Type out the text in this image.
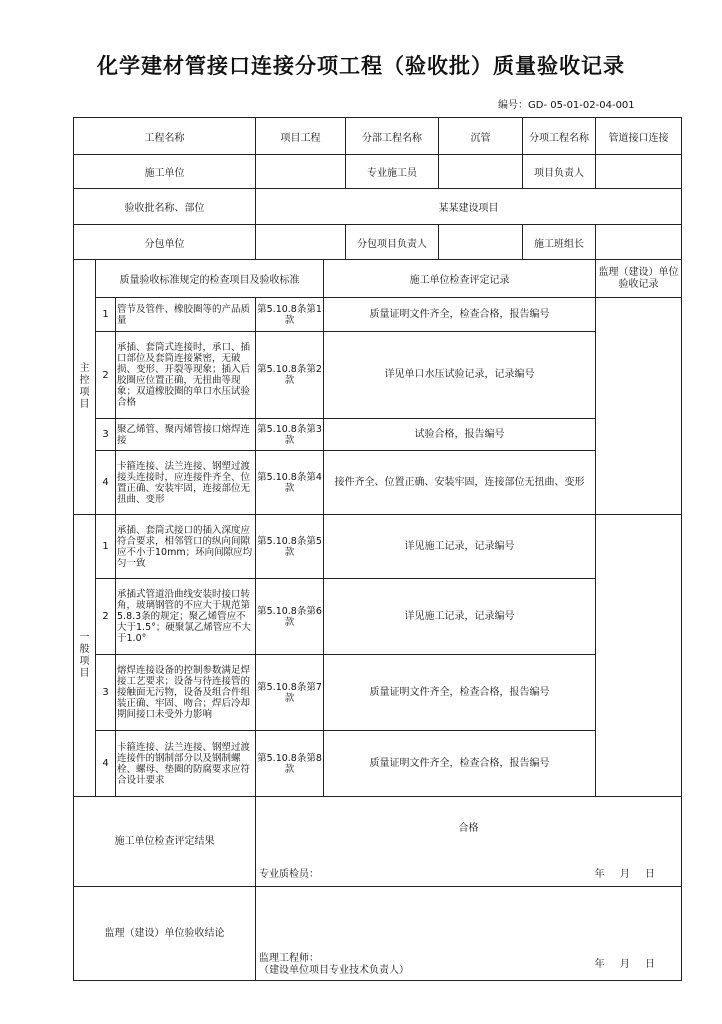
化学建材管接口连接分项工程（验收批）质量验收记录
编号：GD- 05-01-02-04-001
工程名称			项目工程		分部工程名称	沉管	分项工程名称	管道接口连接
施工单位					专业施工员		项目负责人	
验收批名称、部位			某某建设项目					
分包单位					分包项目负责人		施工班组长	
主控项目	质量验收标准规定的检查项目及验收标准			施工单位检查评定记录				监理（建设）单位验收记录
	1	管节及管件、橡胶圈等的产品质量	第5.10.8条第1款	质量证明文件齐全，检查合格，报告编号				
	2	承插、套筒式连接时，承口、插口部位及套筒连接紧密，无破损、变形、开裂等现象；插入后胶圈应位置正确，无扭曲等现象；双道橡胶圈的单口水压试验合格	第5.10.8条第2款	详见单口水压试验记录，记录编号				
	3	聚乙烯管、聚丙烯管接口熔焊连接	第5.10.8条第3款	试验合格，报告编号				
	4	卡箍连接、法兰连接、钢塑过渡接头连接时，应连接件齐全、位置正确、安装牢固，连接部位无扭曲、变形	第5.10.8条第4款	接件齐全、位置正确、安装牢固，连接部位无扭曲、变形				
一般项目	1	承插、套筒式接口的插入深度应符合要求，相邻管口的纵向间隙应不小于10mm；环向间隙应均匀一致	第5.10.8条第5款	详见施工记录，记录编号				
	2	承插式管道沿曲线安装时接口转角，玻璃钢管的不应大于规范第5.8.3条的规定；聚乙烯管应不大于1.5°；硬聚氯乙烯管应不大于1.0°	第5.10.8条第6款	详见施工记录，记录编号				
	3	熔焊连接设备的控制参数满足焊接工艺要求；设备与待连接管的接触面无污物，设备及组合件组装正确、牢固、吻合；焊后冷却期间接口未受外力影响	第5.10.8条第7款	质量证明文件齐全，检查合格，报告编号				
	4	卡箍连接、法兰连接、钢塑过渡连接件的钢制部分以及钢制螺栓、螺母、垫圈的防腐要求应符合设计要求	第5.10.8条第8款	质量证明文件齐全，检查合格，报告编号				
施工单位检查评定结果			合格
专业质检员： 年 月 日					

监理（建设）单位验收结论			监理工程师：
（建设单位项目专业技术负责人）
年 月 日					
